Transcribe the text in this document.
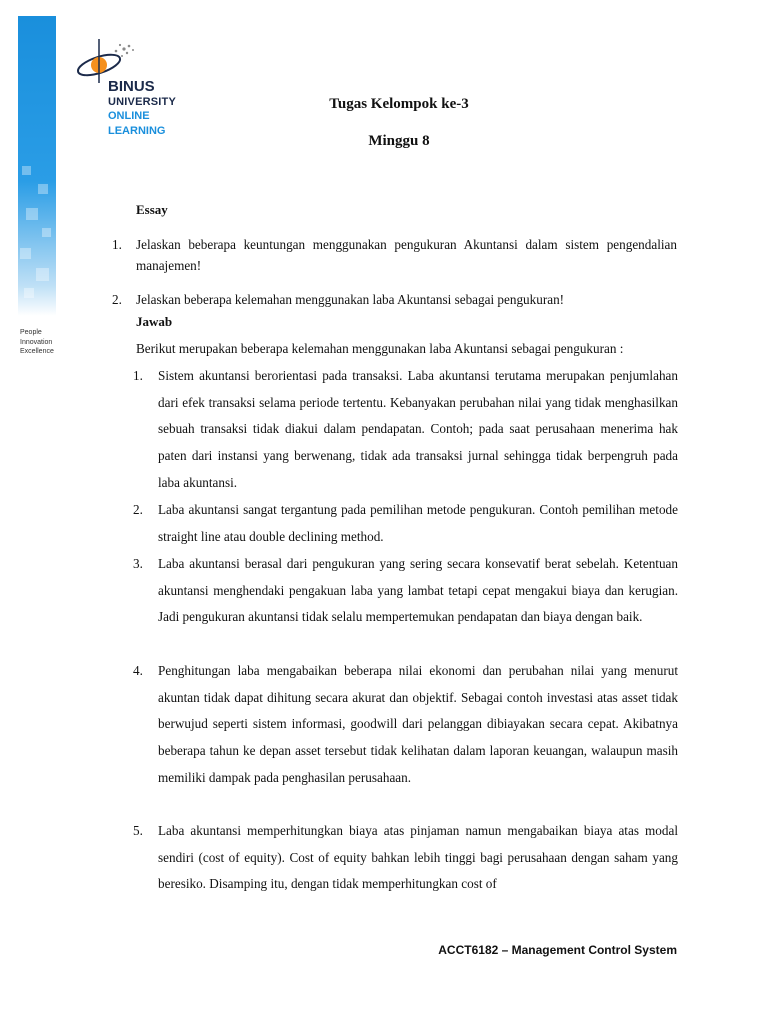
People
Innovation
Excellence
BINUS
UNIVERSITY
ONLINE
LEARNING
Tugas Kelompok ke-3
Minggu 8
Essay
1. Jelaskan beberapa keuntungan menggunakan pengukuran Akuntansi dalam sistem pengendalian manajemen!
2. Jelaskan beberapa kelemahan menggunakan laba Akuntansi sebagai pengukuran!
Jawab
Berikut merupakan beberapa kelemahan menggunakan laba Akuntansi sebagai pengukuran :
1. Sistem akuntansi berorientasi pada transaksi. Laba akuntansi terutama merupakan penjumlahan dari efek transaksi selama periode tertentu. Kebanyakan perubahan nilai yang tidak menghasilkan sebuah transaksi tidak diakui dalam pendapatan. Contoh; pada saat perusahaan menerima hak paten dari instansi yang berwenang, tidak ada transaksi jurnal sehingga tidak berpengruh pada laba akuntansi.
2. Laba akuntansi sangat tergantung pada pemilihan metode pengukuran. Contoh pemilihan metode straight line atau double declining method.
3. Laba akuntansi berasal dari pengukuran yang sering secara konsevatif berat sebelah. Ketentuan akuntansi menghendaki pengakuan laba yang lambat tetapi cepat mengakui biaya dan kerugian. Jadi pengukuran akuntansi tidak selalu mempertemukan pendapatan dan biaya dengan baik.
4. Penghitungan laba mengabaikan beberapa nilai ekonomi dan perubahan nilai yang menurut akuntan tidak dapat dihitung secara akurat dan objektif. Sebagai contoh investasi atas asset tidak berwujud seperti sistem informasi, goodwill dari pelanggan dibiayakan secara cepat. Akibatnya beberapa tahun ke depan asset tersebut tidak kelihatan dalam laporan keuangan, walaupun masih memiliki dampak pada penghasilan perusahaan.
5. Laba akuntansi memperhitungkan biaya atas pinjaman namun mengabaikan biaya atas modal sendiri (cost of equity). Cost of equity bahkan lebih tinggi bagi perusahaan dengan saham yang beresiko. Disamping itu, dengan tidak memperhitungkan cost of
ACCT6182 – Management Control System
